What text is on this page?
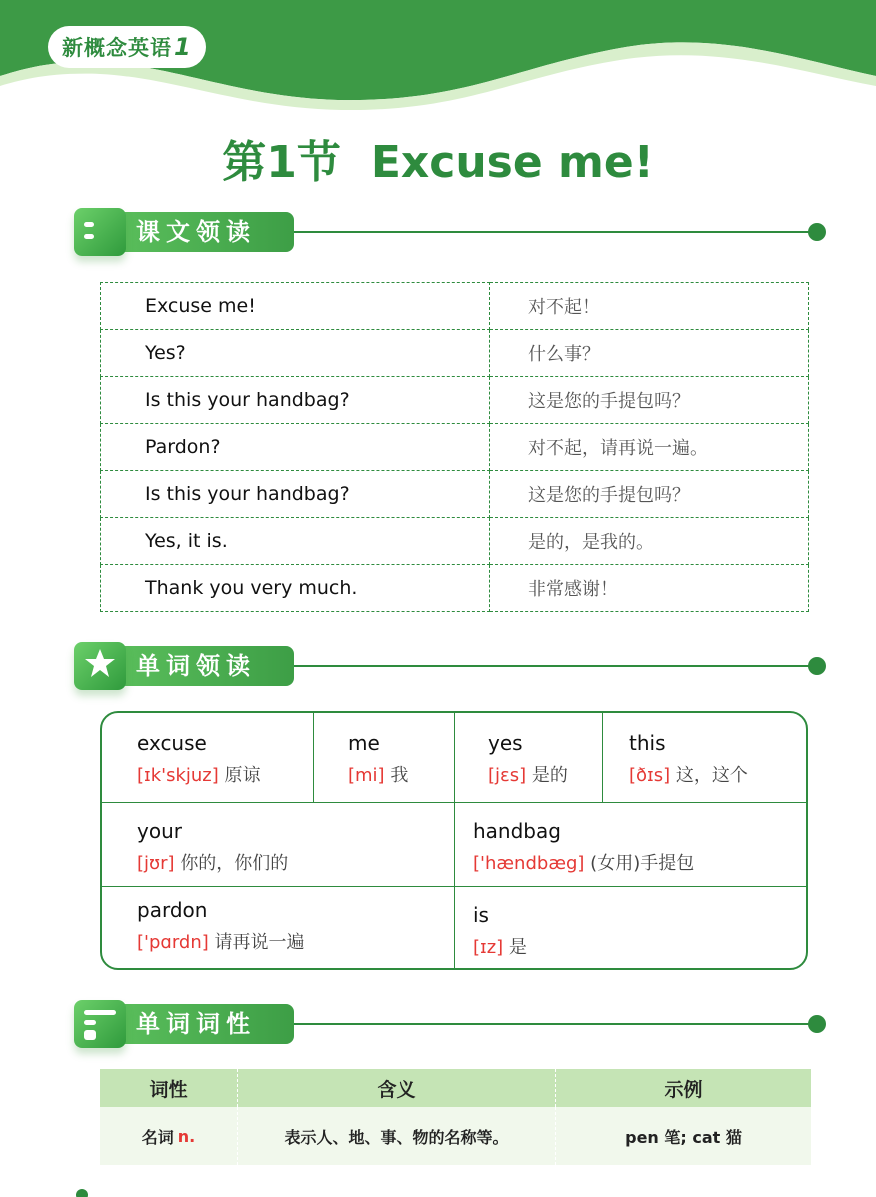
新概念英语 1
第1节 Excuse me!
课文领读
Excuse me!	对不起！
Yes?	什么事？
Is this your handbag?	这是您的手提包吗？
Pardon?	对不起，请再说一遍。
Is this your handbag?	这是您的手提包吗？
Yes, it is.	是的，是我的。
Thank you very much.	非常感谢！
单词领读
excuse
[ɪk'skjuz] 原谅
me
[mi] 我
yes
[jɛs] 是的
this
[ðɪs] 这，这个
your
[jʊr] 你的，你们的
handbag
['hændbæg] (女用)手提包
pardon
['pɑrdn] 请再说一遍
is
[ɪz] 是
单词词性
词性	含义	示例
名词 n.	表示人、地、事、物的名称等。	pen 笔; cat 猫
